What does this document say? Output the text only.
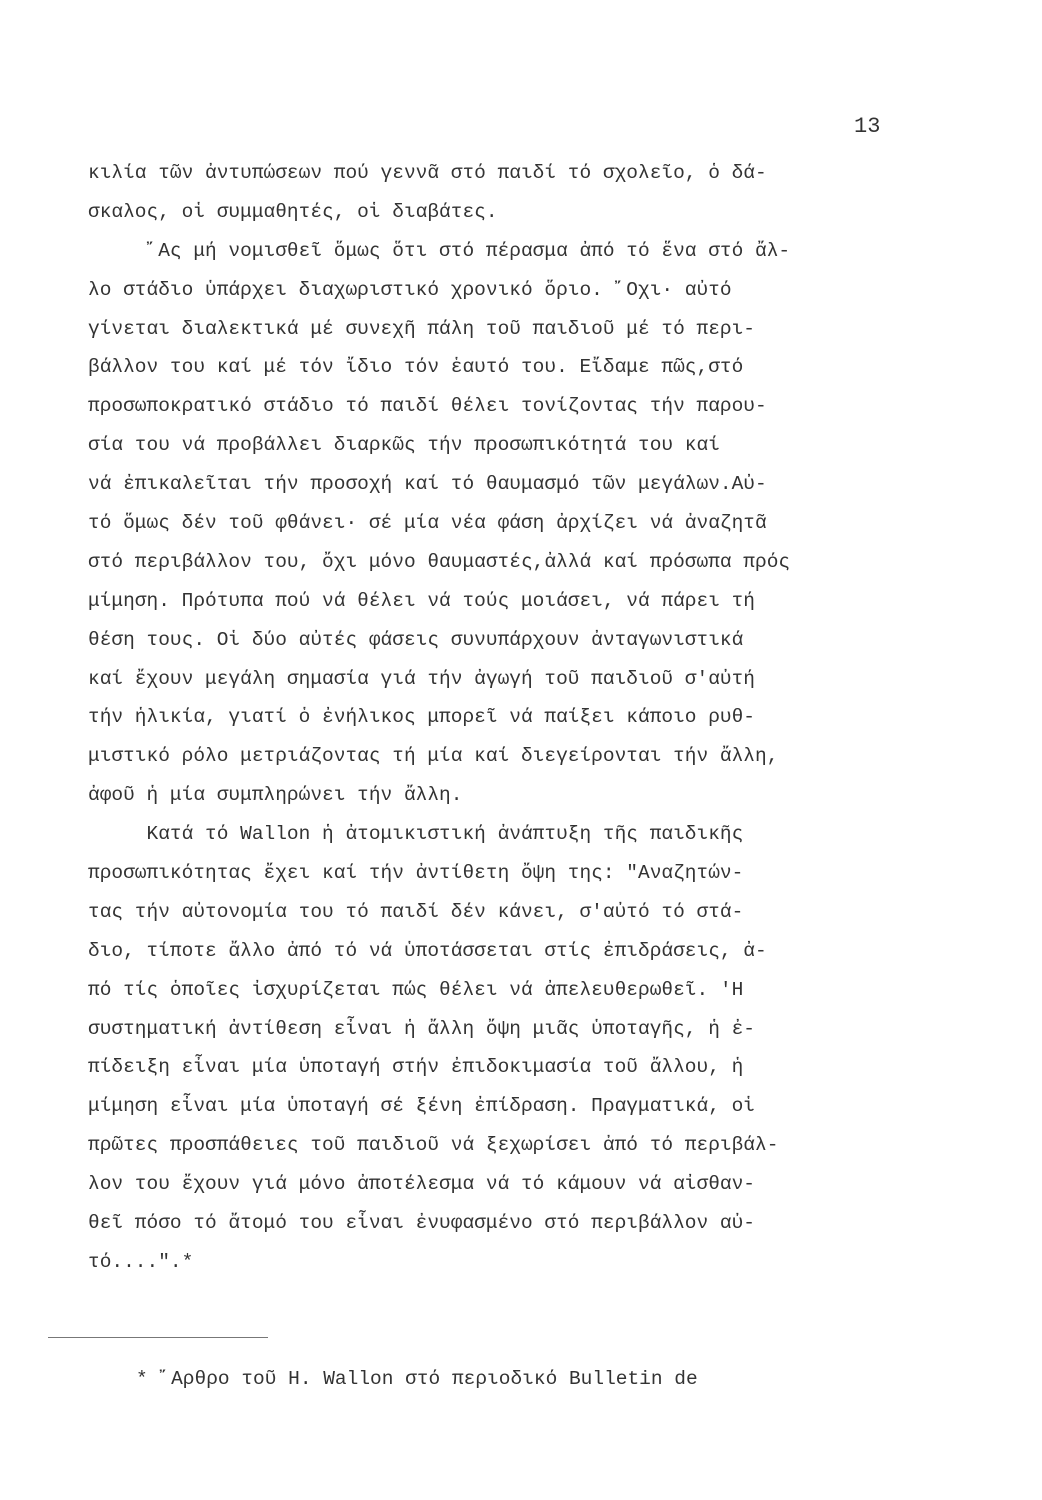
13
κιλία τῶν ἀντυπώσεων πού γεννᾶ στό παιδί τό σχολεῖο, ὁ δά-
σκαλος, οἱ συμμαθητές, οἱ διαβάτες.
῎Ας μή νομισθεῖ ὅμως ὅτι στό πέρασμα ἀπό τό ἕνα στό ἄλ-
λο στάδιο ὑπάρχει διαχωριστικό χρονικό ὅριο. ῎Οχι· αὐτό
γίνεται διαλεκτικά μέ συνεχῆ πάλη τοῦ παιδιοῦ μέ τό περι-
βάλλον του καί μέ τόν ἴδιο τόν ἑαυτό του. Εἴδαμε πῶς,στό
προσωποκρατικό στάδιο τό παιδί θέλει τονίζοντας τήν παρου-
σία του νά προβάλλει διαρκῶς τήν προσωπικότητά του καί
νά ἐπικαλεῖται τήν προσοχή καί τό θαυμασμό τῶν μεγάλων.Αὐ-
τό ὅμως δέν τοῦ φθάνει· σέ μία νέα φάση ἀρχίζει νά ἀναζητᾶ
στό περιβάλλον του, ὄχι μόνο θαυμαστές,ἀλλά καί πρόσωπα πρός
μίμηση. Πρότυπα πού νά θέλει νά τούς μοιάσει, νά πάρει τή
θέση τους. Οἱ δύο αὐτές φάσεις συνυπάρχουν ἀνταγωνιστικά
καί ἔχουν μεγάλη σημασία γιά τήν ἀγωγή τοῦ παιδιοῦ σ'αὐτή
τήν ἡλικία, γιατί ὁ ἐνήλικος μπορεῖ νά παίξει κάποιο ρυθ-
μιστικό ρόλο μετριάζοντας τή μία καί διεγείρονται τήν ἄλλη,
ἀφοῦ ἡ μία συμπληρώνει τήν ἄλλη.
Κατά τό Wallon ἡ ἀτομικιστική ἀνάπτυξη τῆς παιδικῆς
προσωπικότητας ἔχει καί τήν ἀντίθετη ὄψη της: "Αναζητών-
τας τήν αὐτονομία του τό παιδί δέν κάνει, σ'αὐτό τό στά-
διο, τίποτε ἄλλο ἀπό τό νά ὑποτάσσεται στίς ἐπιδράσεις, ἀ-
πό τίς ὁποῖες ἰσχυρίζεται πώς θέλει νά ἀπελευθερωθεῖ. 'Η
συστηματική ἀντίθεση εἶναι ἡ ἄλλη ὄψη μιᾶς ὑποταγῆς, ἡ ἐ-
πίδειξη εἶναι μία ὑποταγή στήν ἐπιδοκιμασία τοῦ ἄλλου, ἡ
μίμηση εἶναι μία ὑποταγή σέ ξένη ἐπίδραση. Πραγματικά, οἱ
πρῶτες προσπάθειες τοῦ παιδιοῦ νά ξεχωρίσει ἀπό τό περιβάλ-
λον του ἔχουν γιά μόνο ἀποτέλεσμα νά τό κάμουν νά αἰσθαν-
θεῖ πόσο τό ἄτομό του εἶναι ἐνυφασμένο στό περιβάλλον αὐ-
τό....".*
* ῎Αρθρο τοῦ H. Wallon στό περιοδικό Bulletin de
